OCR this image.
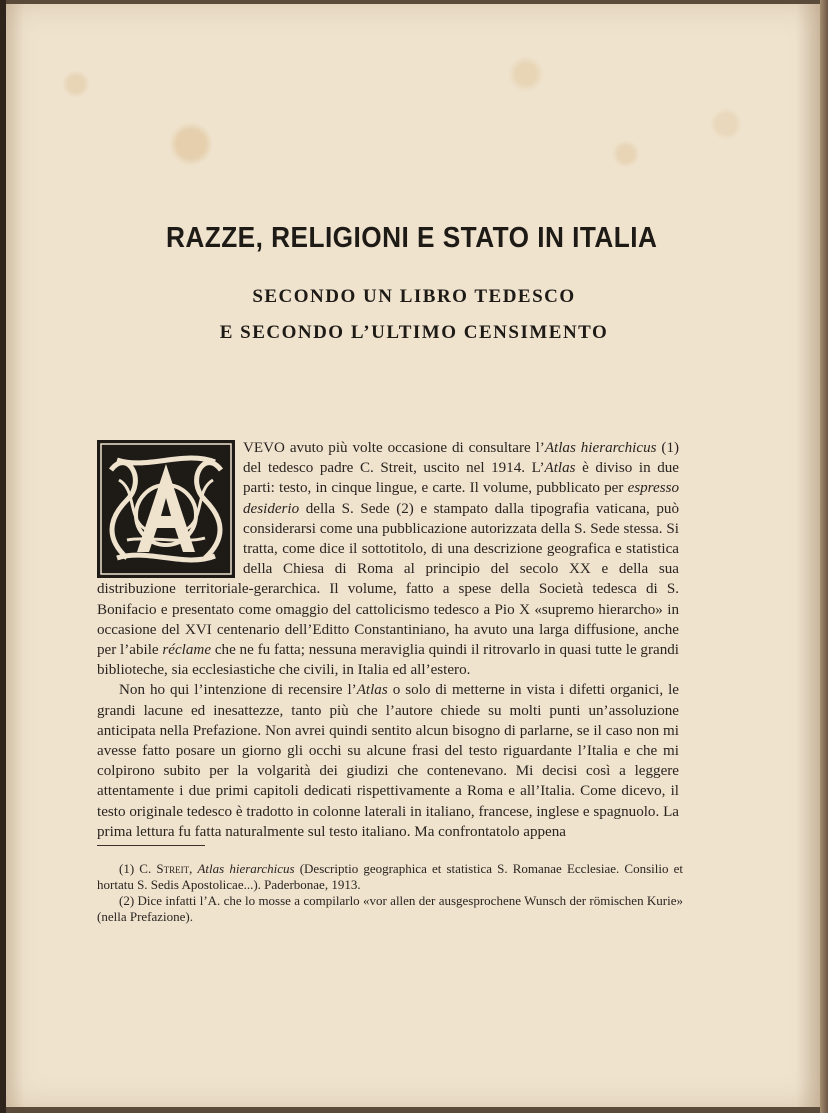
RAZZE, RELIGIONI E STATO IN ITALIA
SECONDO UN LIBRO TEDESCO
E SECONDO L’ULTIMO CENSIMENTO
A

VEVO avuto più volte occasione di consultare l’Atlas hierarchicus (1) del tedesco padre C. Streit, uscito nel 1914. L’Atlas è diviso in due parti: testo, in cinque lingue, e carte. Il volume, pubblicato per espresso desiderio della S. Sede (2) e stampato dalla tipografia vaticana, può considerarsi come una pubblicazione autorizzata della S. Sede stessa. Si tratta, come dice il sottotitolo, di una descrizione geografica e statistica della Chiesa di Roma al principio del secolo XX e della sua distribuzione territoriale-gerarchica. Il volume, fatto a spese della Società tedesca di S. Bonifacio e presentato come omaggio del cattolicismo tedesco a Pio X «supremo hierarcho» in occasione del XVI centenario dell’Editto Constantiniano, ha avuto una larga diffusione, anche per l’abile réclame che ne fu fatta; nessuna meraviglia quindi il ritrovarlo in quasi tutte le grandi biblioteche, sia ecclesiastiche che civili, in Italia ed all’estero.

Non ho qui l’intenzione di recensire l’Atlas o solo di metterne in vista i difetti organici, le grandi lacune ed inesattezze, tanto più che l’autore chiede su molti punti un’assoluzione anticipata nella Prefazione. Non avrei quindi sentito alcun bisogno di parlarne, se il caso non mi avesse fatto posare un giorno gli occhi su alcune frasi del testo riguardante l’Italia e che mi colpirono subito per la volgarità dei giudizi che contenevano. Mi decisi così a leggere attentamente i due primi capitoli dedicati rispettivamente a Roma e all’Italia. Come dicevo, il testo originale tedesco è tradotto in colonne laterali in italiano, francese, inglese e spagnuolo. La prima lettura fu fatta naturalmente sul testo italiano. Ma confrontatolo appena

(1) C. Streit, Atlas hierarchicus (Descriptio geographica et statistica S. Romanae Ecclesiae. Consilio et hortatu S. Sedis Apostolicae...). Paderbonae, 1913.

(2) Dice infatti l’A. che lo mosse a compilarlo «vor allen der ausgesprochene Wunsch der römischen Kurie» (nella Prefazione).
